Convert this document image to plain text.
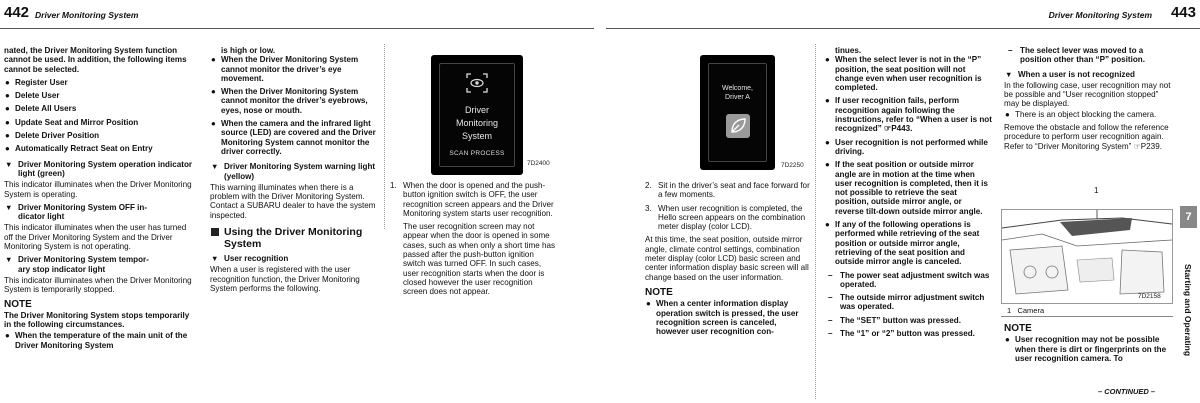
442 Driver Monitoring System

nated, the Driver Monitoring System function cannot be used. In addition, the following items cannot be selected.

● Register User

● Delete User

● Delete All Users

● Update Seat and Mirror Position

● Delete Driver Position

● Automatically Retract Seat on Entry

▼ Driver Monitoring System operation indicator light (green)

This indicator illuminates when the Driver Monitoring System is operating.

▼ Driver Monitoring System OFF in-
dicator light

This indicator illuminates when the user has turned off the Driver Monitoring System and the Driver Monitoring System is not operating.

▼ Driver Monitoring System tempor-
ary stop indicator light

This indicator illuminates when the Driver Monitoring System is temporarily stopped.

NOTE

The Driver Monitoring System stops temporarily in the following circumstances.

● When the temperature of the main unit of the Driver Monitoring System

is high or low.

● When the Driver Monitoring System cannot monitor the driver’s eye movement.

● When the Driver Monitoring System cannot monitor the driver’s eyebrows, eyes, nose or mouth.

● When the camera and the infrared light source (LED) are covered and the Driver Monitoring System cannot monitor the driver correctly.

▼ Driver Monitoring System warning light (yellow)

This warning illuminates when there is a problem with the Driver Monitoring System. Contact a SUBARU dealer to have the system inspected.

Using the Driver Monitoring System
▼ User recognition

When a user is registered with the user recognition function, the Driver Monitoring System performs the following.

Driver
Monitoring
System
SCAN PROCESS
7D2400

1. When the door is opened and the push-button ignition switch is OFF, the user recognition screen appears and the Driver Monitoring system starts user recognition.

The user recognition screen may not appear when the door is opened in some cases, such as when only a short time has passed after the push-button ignition switch was turned OFF. In such cases, user recognition starts when the door is closed however the user recognition screen does not appear.

Driver Monitoring System 443
Welcome,
Driver A
7D2250

2. Sit in the driver’s seat and face forward for a few moments.

3. When user recognition is completed, the Hello screen appears on the combination meter display (color LCD).

At this time, the seat position, outside mirror angle, climate control settings, combination meter display (color LCD) basic screen and center information display basic screen will all change based on the user information.

NOTE

● When a center information display operation switch is pressed, the user recognition screen is canceled, however user recognition con-

tinues.

● When the select lever is not in the “P” position, the seat position will not change even when user recognition is completed.

● If user recognition fails, perform recognition again following the instructions, refer to “When a user is not recognized” ☞P443.

● User recognition is not performed while driving.

● If the seat position or outside mirror angle are in motion at the time when user recognition is completed, then it is not possible to retrieve the seat position, outside mirror angle, or reverse tilt-down outside mirror angle.

● If any of the following operations is performed while retrieving of the seat position or outside mirror angle, retrieving of the seat position and outside mirror angle is canceled.

– The power seat adjustment switch was operated.

– The outside mirror adjustment switch was operated.

– The “SET” button was pressed.

– The “1” or “2” button was pressed.

– The select lever was moved to a position other than “P” position.

▼ When a user is not recognized

In the following case, user recognition may not be possible and “User recognition stopped” may be displayed.

● There is an object blocking the camera.

Remove the obstacle and follow the reference procedure to perform user recognition again. Refer to “Driver Monitoring System” ☞P239.

1
7D2158
1 Camera
NOTE

● User recognition may not be possible when there is dirt or fingerprints on the user recognition camera. To

– CONTINUED –
7
Starting and Operating
